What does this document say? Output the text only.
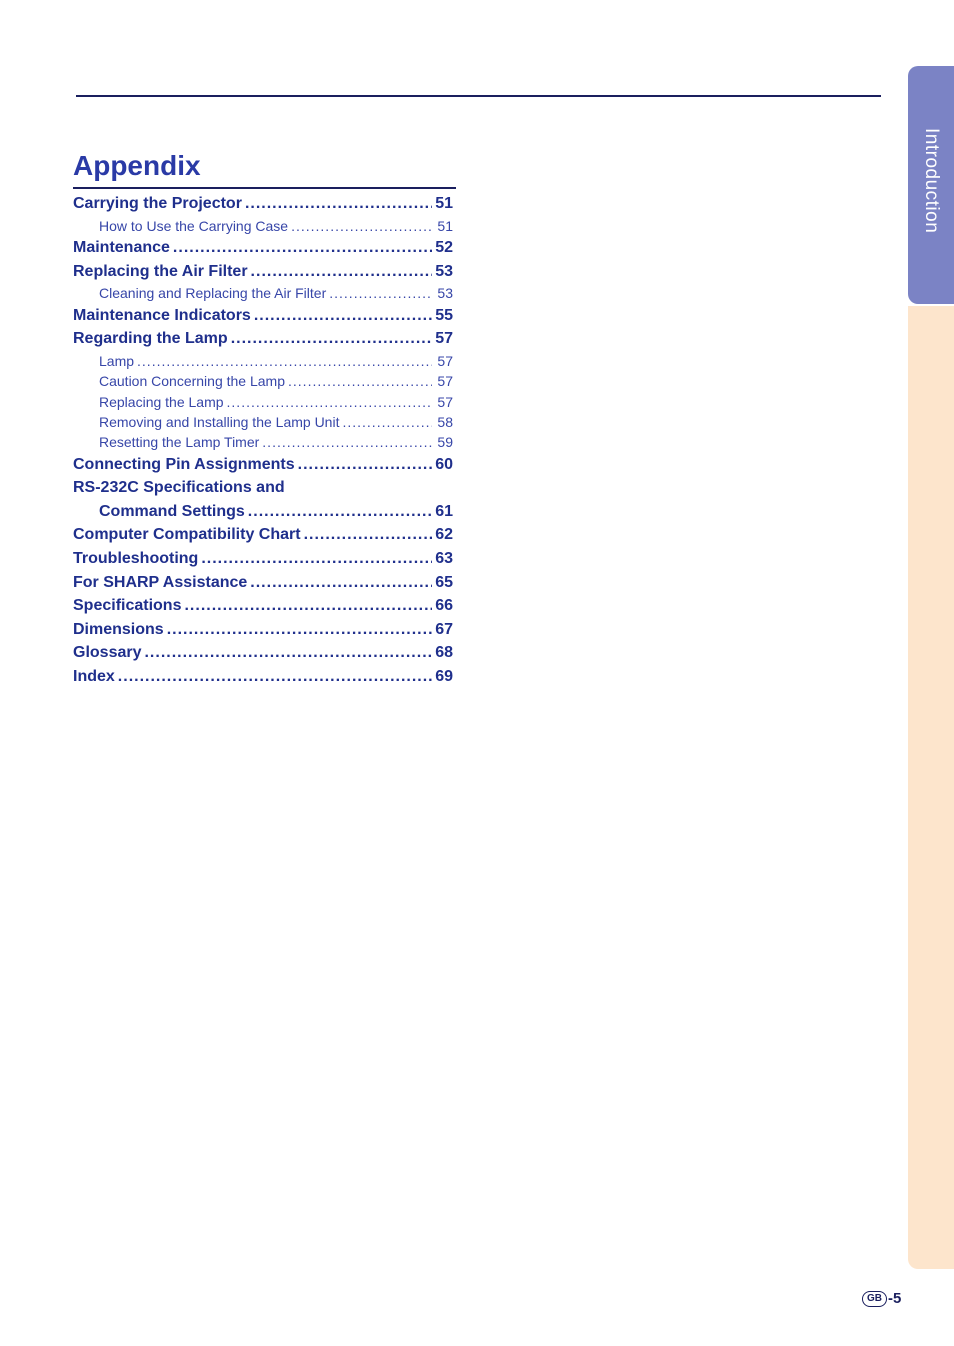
Introduction
Appendix
Carrying the Projector .....	51
How to Use the Carrying Case .....	51
Maintenance .....	52
Replacing the Air Filter .....	53
Cleaning and Replacing the Air Filter .....	53
Maintenance Indicators .....	55
Regarding the Lamp .....	57
Lamp .....	57
Caution Concerning the Lamp .....	57
Replacing the Lamp .....	57
Removing and Installing the Lamp Unit .....	58
Resetting the Lamp Timer .....	59
Connecting Pin Assignments .....	60
RS-232C Specifications and
Command Settings .....	61
Computer Compatibility Chart .....	62
Troubleshooting .....	63
For SHARP Assistance .....	65
Specifications .....	66
Dimensions .....	67
Glossary .....	68
Index .....	69
GB -5
